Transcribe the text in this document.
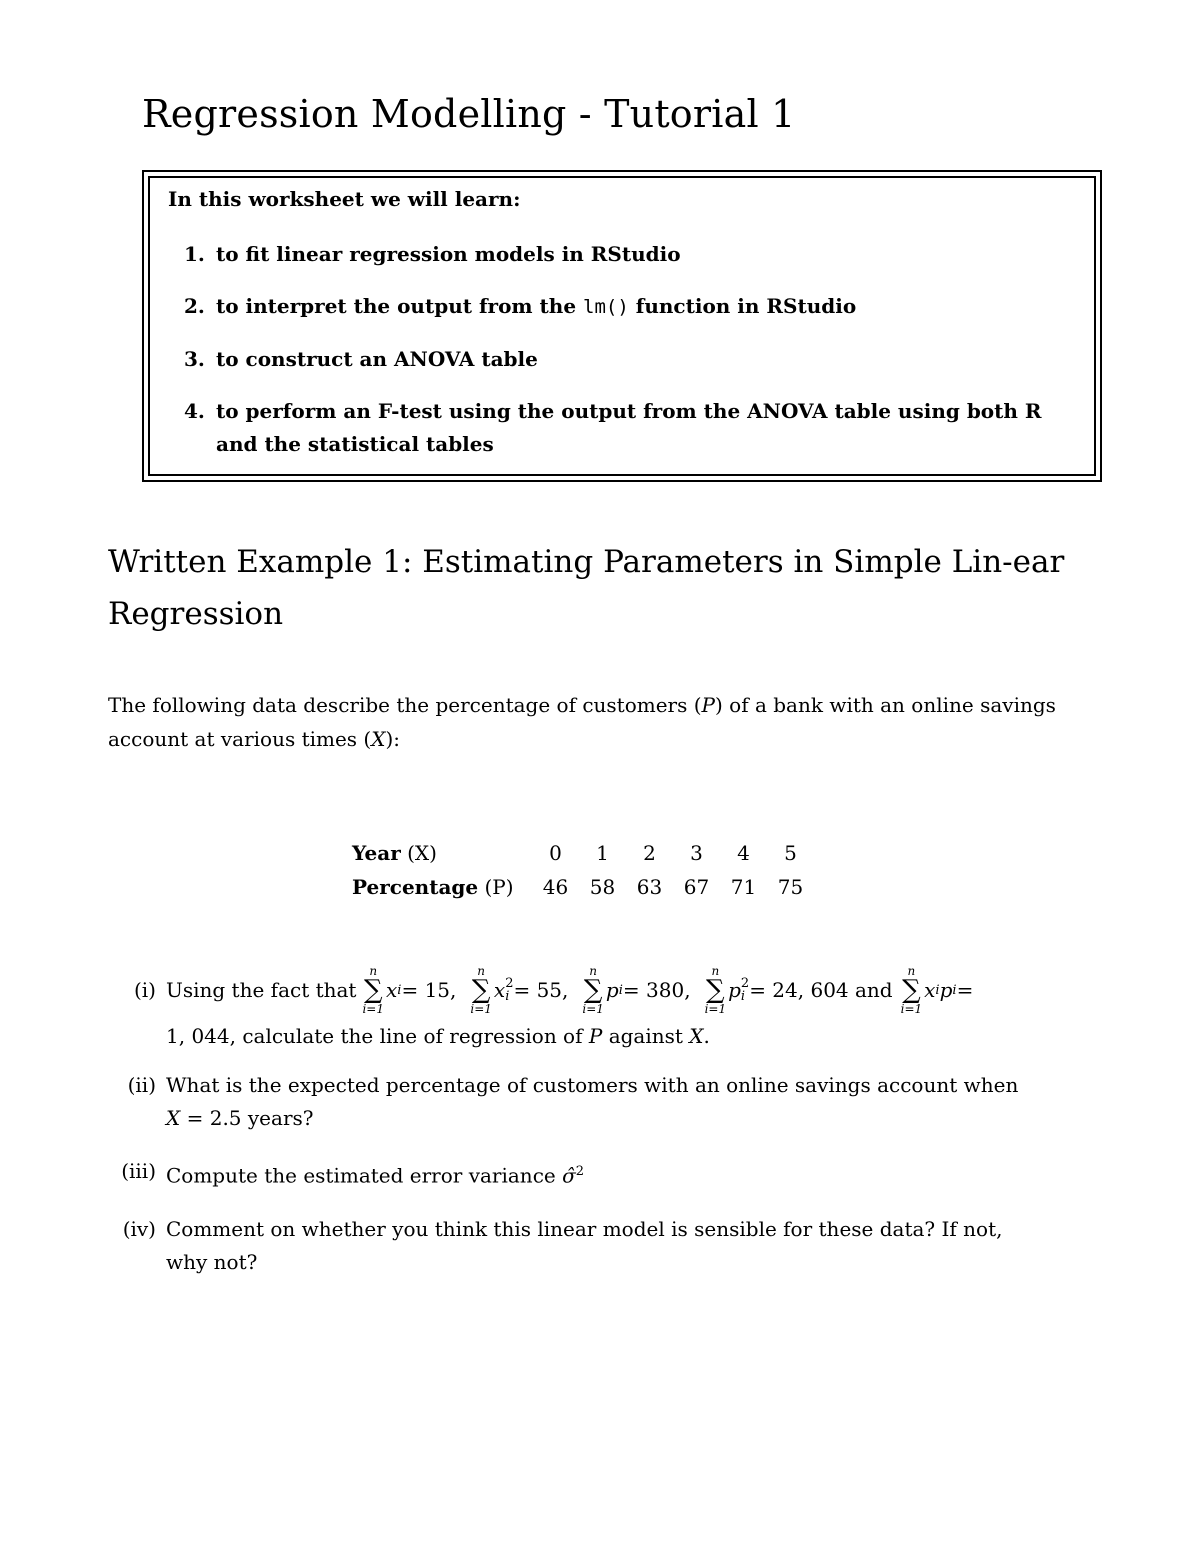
Regression Modelling - Tutorial 1

In this worksheet we will learn:

1. to fit linear regression models in RStudio
2. to interpret the output from the lm() function in RStudio
3. to construct an ANOVA table
4. to perform an F-test using the output from the ANOVA table using both R and the statistical tables
Written Example 1: Estimating Parameters in Simple Lin-ear Regression

The following data describe the percentage of customers (P) of a bank with an online savings account at various times (X):

Year (X)	0	1	2	3	4	5
Percentage (P)	46	58	63	67	71	75
(i) Using the fact that
n
∑
i=1
x i = 15,
n
∑
i=1
x 2
i = 55,
n
∑
i=1
p i = 380,
n
∑
i=1
p 2
i = 24, 604 and
n
∑
i=1
x i p i =
1, 044, calculate the line of regression of P against X.
(ii) What is the expected percentage of customers with an online savings account when
X = 2.5 years?
(iii) Compute the estimated error variance σ̂$^2$
(iv) Comment on whether you think this linear model is sensible for these data? If not, why not?
